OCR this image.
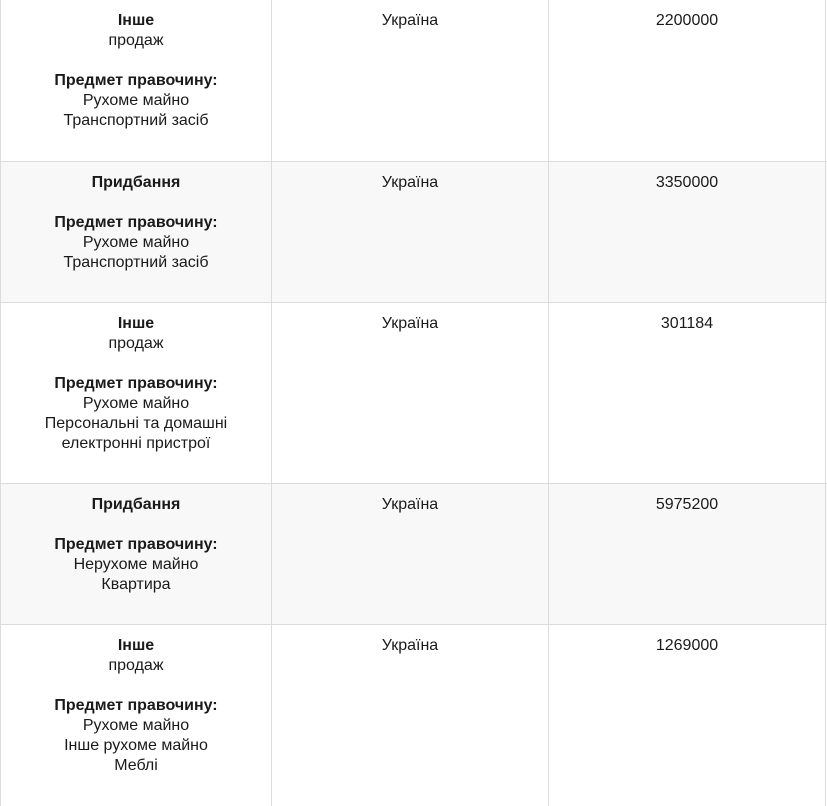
Інше
продаж
Предмет правочину:
Рухоме майно
Транспортний засіб
Україна	2200000
Придбання
Предмет правочину:
Рухоме майно
Транспортний засіб
Україна	3350000
Інше
продаж
Предмет правочину:
Рухоме майно
Персональні та домашні
електронні пристрої
Україна	301184
Придбання
Предмет правочину:
Нерухоме майно
Квартира
Україна	5975200
Інше
продаж
Предмет правочину:
Рухоме майно
Інше рухоме майно
Меблі
Україна	1269000
